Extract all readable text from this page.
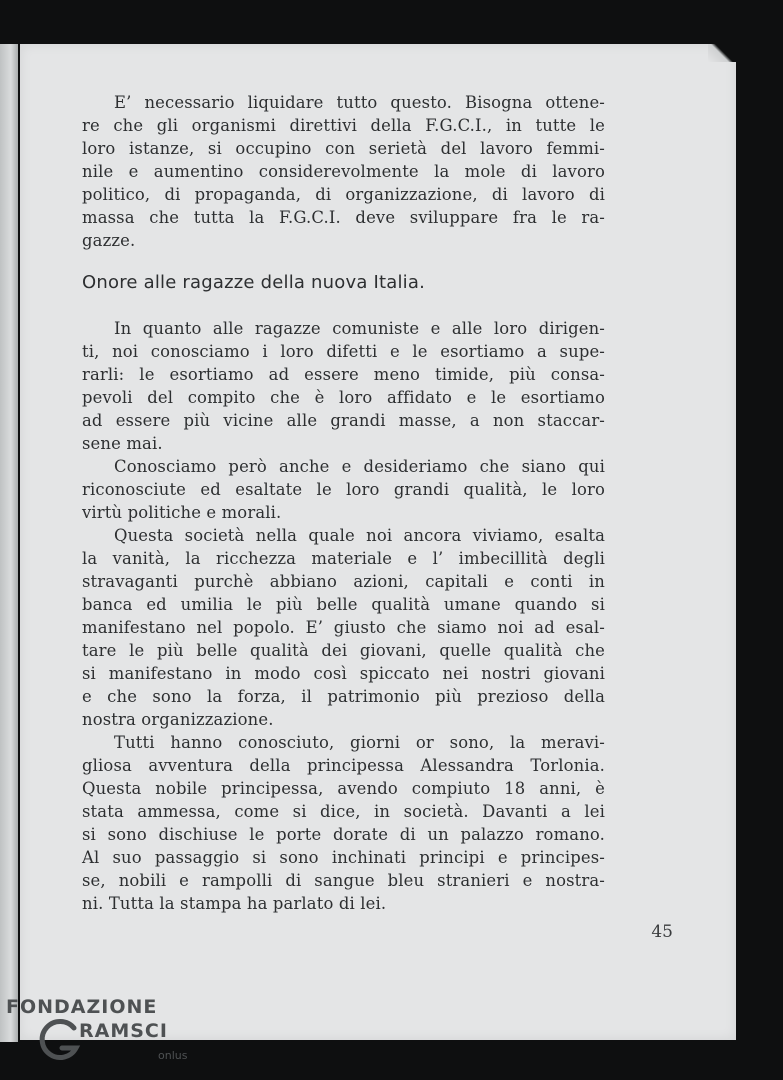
E’ necessario liquidare tutto questo. Bisogna ottene-
re che gli organismi direttivi della F.G.C.I., in tutte le
loro istanze, si occupino con serietà del lavoro femmi-
nile e aumentino considerevolmente la mole di lavoro
politico, di propaganda, di organizzazione, di lavoro di
massa che tutta la F.G.C.I. deve sviluppare fra le ra-
gazze.
Onore alle ragazze della nuova Italia.
In quanto alle ragazze comuniste e alle loro dirigen-
ti, noi conosciamo i loro difetti e le esortiamo a supe-
rarli: le esortiamo ad essere meno timide, più consa-
pevoli del compito che è loro affidato e le esortiamo
ad essere più vicine alle grandi masse, a non staccar-
sene mai.
Conosciamo però anche e desideriamo che siano qui
riconosciute ed esaltate le loro grandi qualità, le loro
virtù politiche e morali.
Questa società nella quale noi ancora viviamo, esalta
la vanità, la ricchezza materiale e l’ imbecillità degli
stravaganti purchè abbiano azioni, capitali e conti in
banca ed umilia le più belle qualità umane quando si
manifestano nel popolo. E’ giusto che siamo noi ad esal-
tare le più belle qualità dei giovani, quelle qualità che
si manifestano in modo così spiccato nei nostri giovani
e che sono la forza, il patrimonio più prezioso della
nostra organizzazione.
Tutti hanno conosciuto, giorni or sono, la meravi-
gliosa avventura della principessa Alessandra Torlonia.
Questa nobile principessa, avendo compiuto 18 anni, è
stata ammessa, come si dice, in società. Davanti a lei
si sono dischiuse le porte dorate di un palazzo romano.
Al suo passaggio si sono inchinati principi e principes-
se, nobili e rampolli di sangue bleu stranieri e nostra-
ni. Tutta la stampa ha parlato di lei.
45
FONDAZIONE
RAMSCI
onlus
